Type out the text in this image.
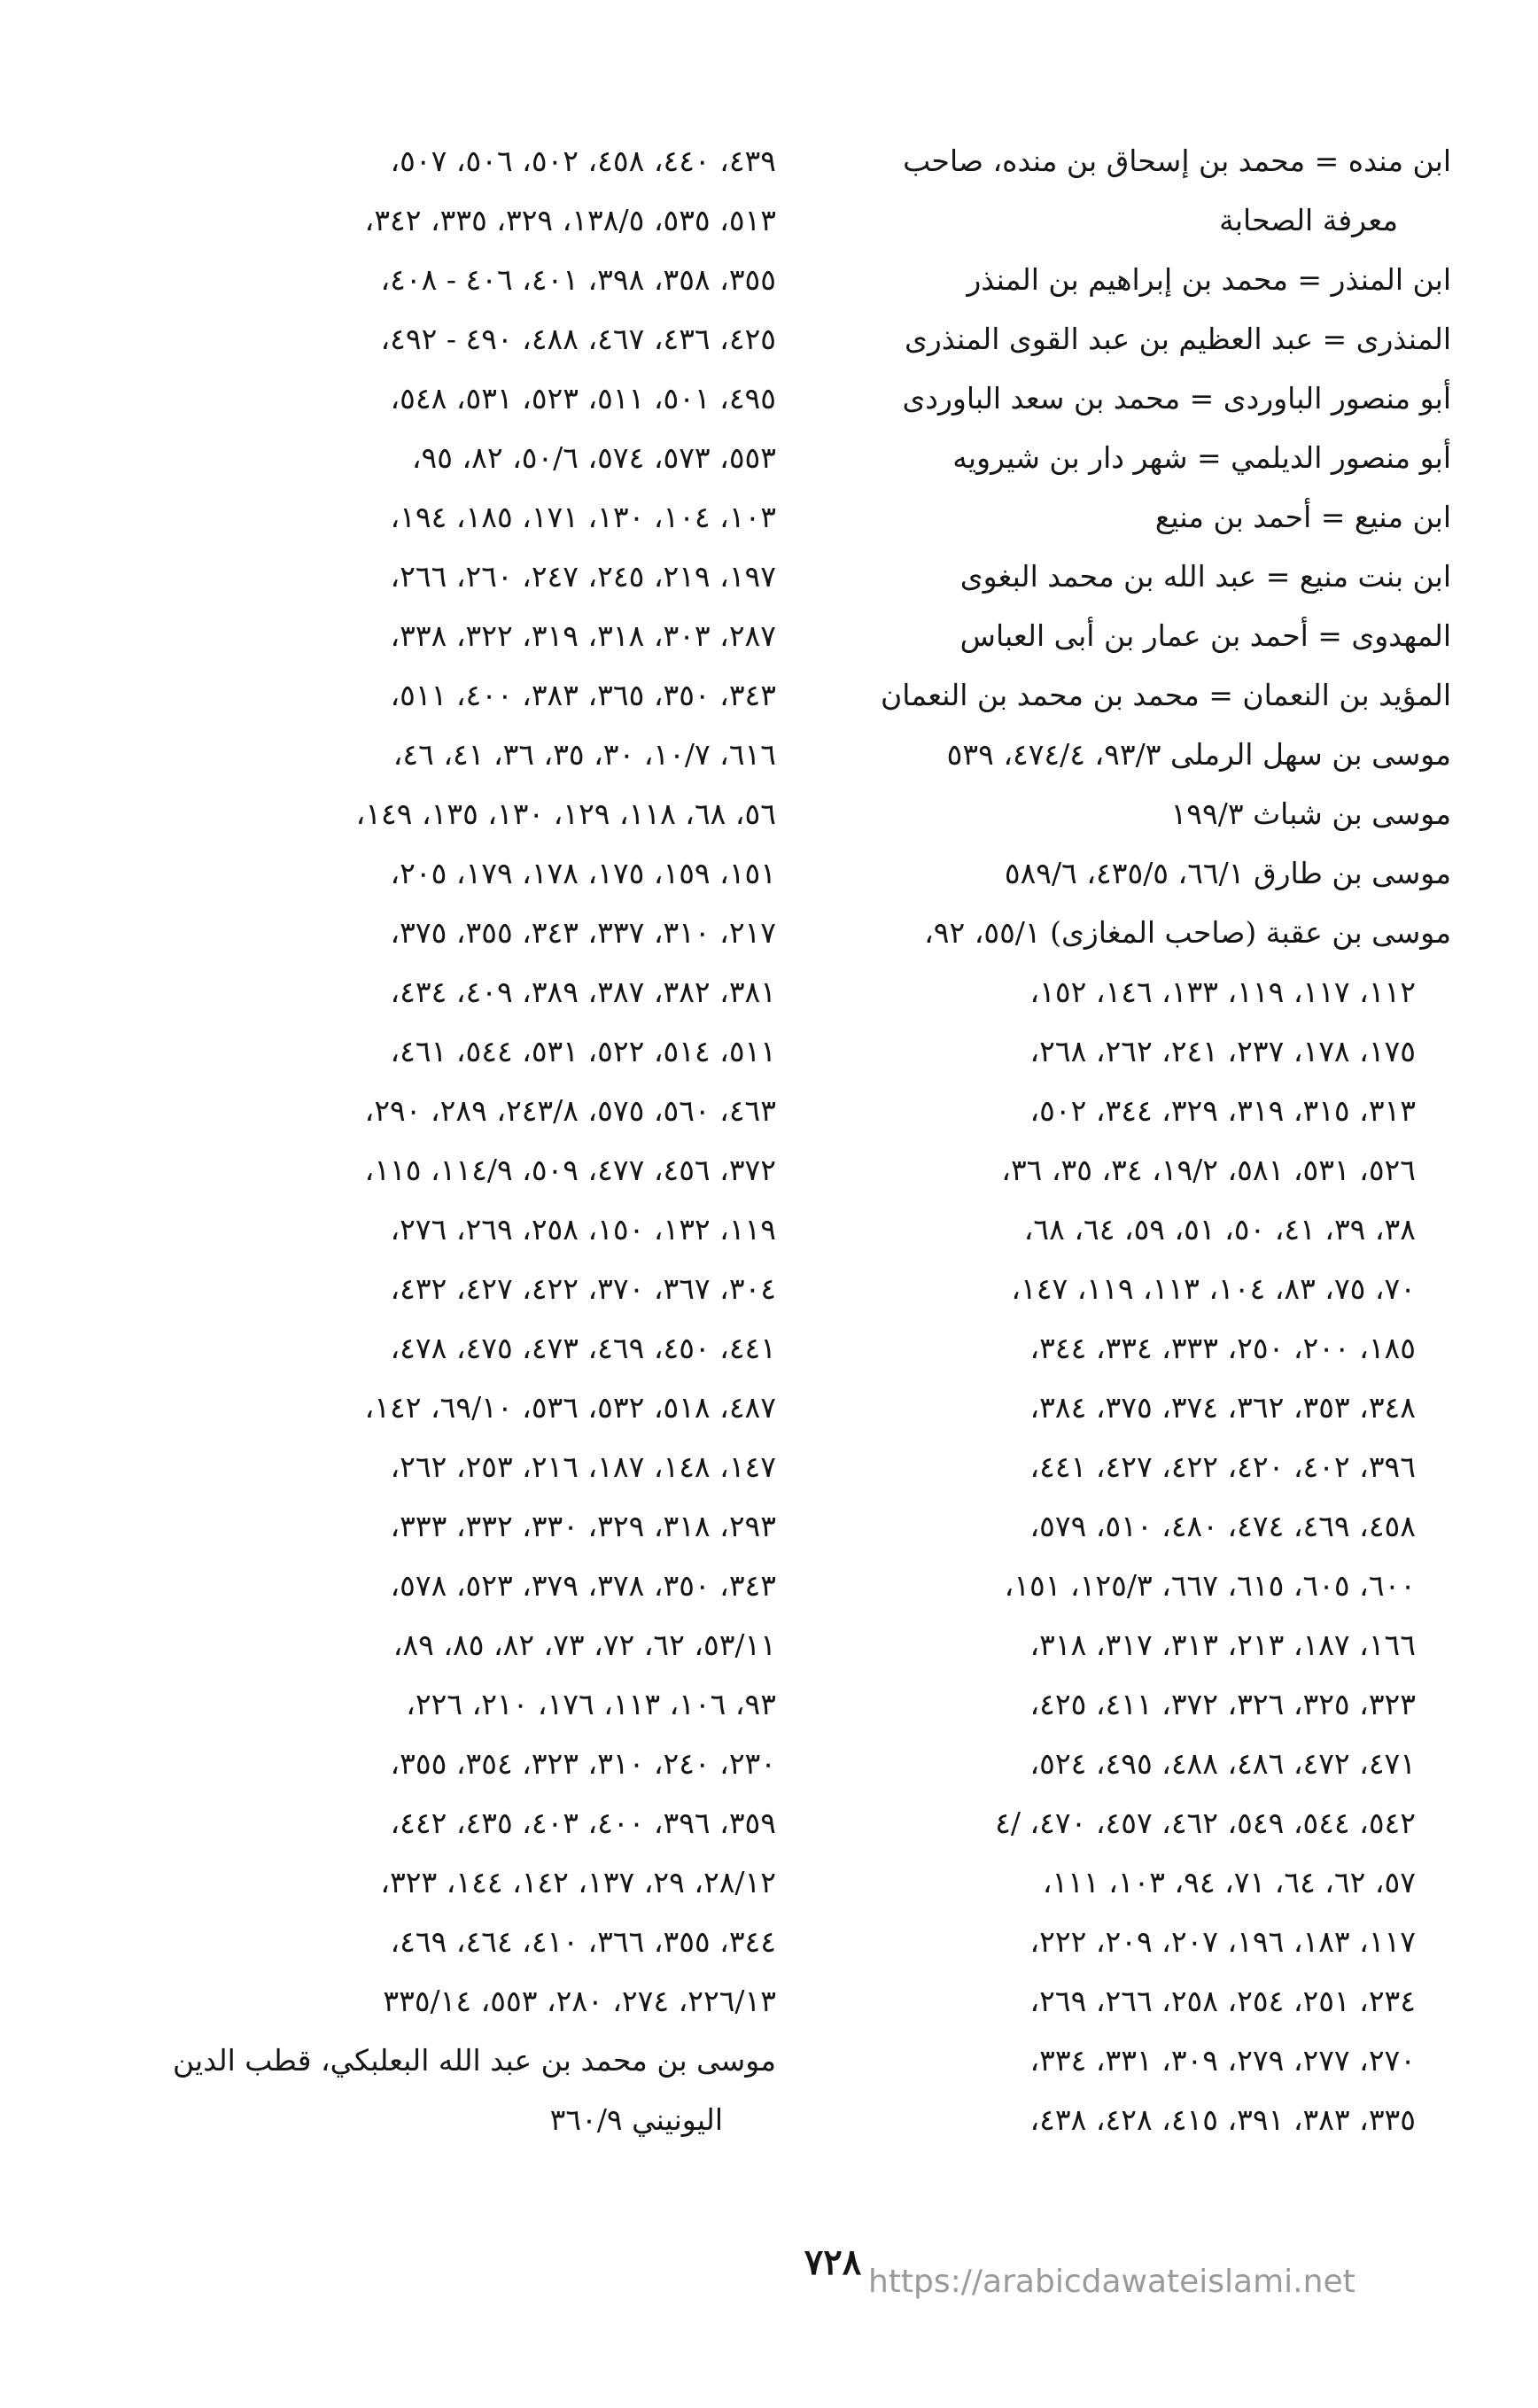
ابن منده = محمد بن إسحاق بن منده، صاحب
معرفة الصحابة
ابن المنذر = محمد بن إبراهيم بن المنذر
المنذرى = عبد العظيم بن عبد القوى المنذرى
أبو منصور الباوردى = محمد بن سعد الباوردى
أبو منصور الديلمي = شهر دار بن شيرويه
ابن منيع = أحمد بن منيع
ابن بنت منيع = عبد الله بن محمد البغوى
المهدوى = أحمد بن عمار بن أبى العباس
المؤيد بن النعمان = محمد بن محمد بن النعمان
موسى بن سهل الرملى ٩٣/٣، ٤٧٤/٤، ٥٣٩
موسى بن شباث ١٩٩/٣
موسى بن طارق ٦٦/١، ٤٣٥/٥، ٥٨٩/٦
موسى بن عقبة (صاحب المغازى) ٥٥/١، ٩٢،
١١٢، ١١٧، ١١٩، ١٣٣، ١٤٦، ١٥٢،
١٧٥، ١٧٨، ٢٣٧، ٢٤١، ٢٦٢، ٢٦٨،
٣١٣، ٣١٥، ٣١٩، ٣٢٩، ٣٤٤، ٥٠٢،
٥٢٦، ٥٣١، ٥٨١، ١٩/٢، ٣٤، ٣٥، ٣٦،
٣٨، ٣٩، ٤١، ٥٠، ٥١، ٥٩، ٦٤، ٦٨،
٧٠، ٧٥، ٨٣، ١٠٤، ١١٣، ١١٩، ١٤٧،
١٨٥، ٢٠٠، ٢٥٠، ٣٣٣، ٣٣٤، ٣٤٤،
٣٤٨، ٣٥٣، ٣٦٢، ٣٧٤، ٣٧٥، ٣٨٤،
٣٩٦، ٤٠٢، ٤٢٠، ٤٢٢، ٤٢٧، ٤٤١،
٤٥٨، ٤٦٩، ٤٧٤، ٤٨٠، ٥١٠، ٥٧٩،
٦٠٠، ٦٠٥، ٦١٥، ٦٦٧، ١٢٥/٣، ١٥١،
١٦٦، ١٨٧، ٢١٣، ٣١٣، ٣١٧، ٣١٨،
٣٢٣، ٣٢٥، ٣٢٦، ٣٧٢، ٤١١، ٤٢٥،
٤٧١، ٤٧٢، ٤٨٦، ٤٨٨، ٤٩٥، ٥٢٤،
٥٤٢، ٥٤٤، ٥٤٩، ٤٦٢، ٤٥٧، ٤٧٠، /٤
٥٧، ٦٢، ٦٤، ٧١، ٩٤، ١٠٣، ١١١،
١١٧، ١٨٣، ١٩٦، ٢٠٧، ٢٠٩، ٢٢٢،
٢٣٤، ٢٥١، ٢٥٤، ٢٥٨، ٢٦٦، ٢٦٩،
٢٧٠، ٢٧٧، ٢٧٩، ٣٠٩، ٣٣١، ٣٣٤،
٣٣٥، ٣٨٣، ٣٩١، ٤١٥، ٤٢٨، ٤٣٨،
٤٣٩، ٤٤٠، ٤٥٨، ٥٠٢، ٥٠٦، ٥٠٧،
٥١٣، ٥٣٥، ١٣٨/٥، ٣٢٩، ٣٣٥، ٣٤٢،
٣٥٥، ٣٥٨، ٣٩٨، ٤٠١، ٤٠٦ - ٤٠٨،
٤٢٥، ٤٣٦، ٤٦٧، ٤٨٨، ٤٩٠ - ٤٩٢،
٤٩٥، ٥٠١، ٥١١، ٥٢٣، ٥٣١، ٥٤٨،
٥٥٣، ٥٧٣، ٥٧٤، ٥٠/٦، ٨٢، ٩٥،
١٠٣، ١٠٤، ١٣٠، ١٧١، ١٨٥، ١٩٤،
١٩٧، ٢١٩، ٢٤٥، ٢٤٧، ٢٦٠، ٢٦٦،
٢٨٧، ٣٠٣، ٣١٨، ٣١٩، ٣٢٢، ٣٣٨،
٣٤٣، ٣٥٠، ٣٦٥، ٣٨٣، ٤٠٠، ٥١١،
٦١٦، ١٠/٧، ٣٠، ٣٥، ٣٦، ٤١، ٤٦،
٥٦، ٦٨، ١١٨، ١٢٩، ١٣٠، ١٣٥، ١٤٩،
١٥١، ١٥٩، ١٧٥، ١٧٨، ١٧٩، ٢٠٥،
٢١٧، ٣١٠، ٣٣٧، ٣٤٣، ٣٥٥، ٣٧٥،
٣٨١، ٣٨٢، ٣٨٧، ٣٨٩، ٤٠٩، ٤٣٤،
٥١١، ٥١٤، ٥٢٢، ٥٣١، ٥٤٤، ٤٦١،
٤٦٣، ٥٦٠، ٥٧٥، ٢٤٣/٨، ٢٨٩، ٢٩٠،
٣٧٢، ٤٥٦، ٤٧٧، ٥٠٩، ١١٤/٩، ١١٥،
١١٩، ١٣٢، ١٥٠، ٢٥٨، ٢٦٩، ٢٧٦،
٣٠٤، ٣٦٧، ٣٧٠، ٤٢٢، ٤٢٧، ٤٣٢،
٤٤١، ٤٥٠، ٤٦٩، ٤٧٣، ٤٧٥، ٤٧٨،
٤٨٧، ٥١٨، ٥٣٢، ٥٣٦، ٦٩/١٠، ١٤٢،
١٤٧، ١٤٨، ١٨٧، ٢١٦، ٢٥٣، ٢٦٢،
٢٩٣، ٣١٨، ٣٢٩، ٣٣٠، ٣٣٢، ٣٣٣،
٣٤٣، ٣٥٠، ٣٧٨، ٣٧٩، ٥٢٣، ٥٧٨،
٥٣/١١، ٦٢، ٧٢، ٧٣، ٨٢، ٨٥، ٨٩،
٩٣، ١٠٦، ١١٣، ١٧٦، ٢١٠، ٢٢٦،
٢٣٠، ٢٤٠، ٣١٠، ٣٢٣، ٣٥٤، ٣٥٥،
٣٥٩، ٣٩٦، ٤٠٠، ٤٠٣، ٤٣٥، ٤٤٢،
٢٨/١٢، ٢٩، ١٣٧، ١٤٢، ١٤٤، ٣٢٣،
٣٤٤، ٣٥٥، ٣٦٦، ٤١٠، ٤٦٤، ٤٦٩،
٢٢٦/١٣، ٢٧٤، ٢٨٠، ٥٥٣، ٣٣٥/١٤
موسى بن محمد بن عبد الله البعلبكي، قطب الدين
اليونيني ٣٦٠/٩
٧٢٨ https://arabicdawateislami.net
